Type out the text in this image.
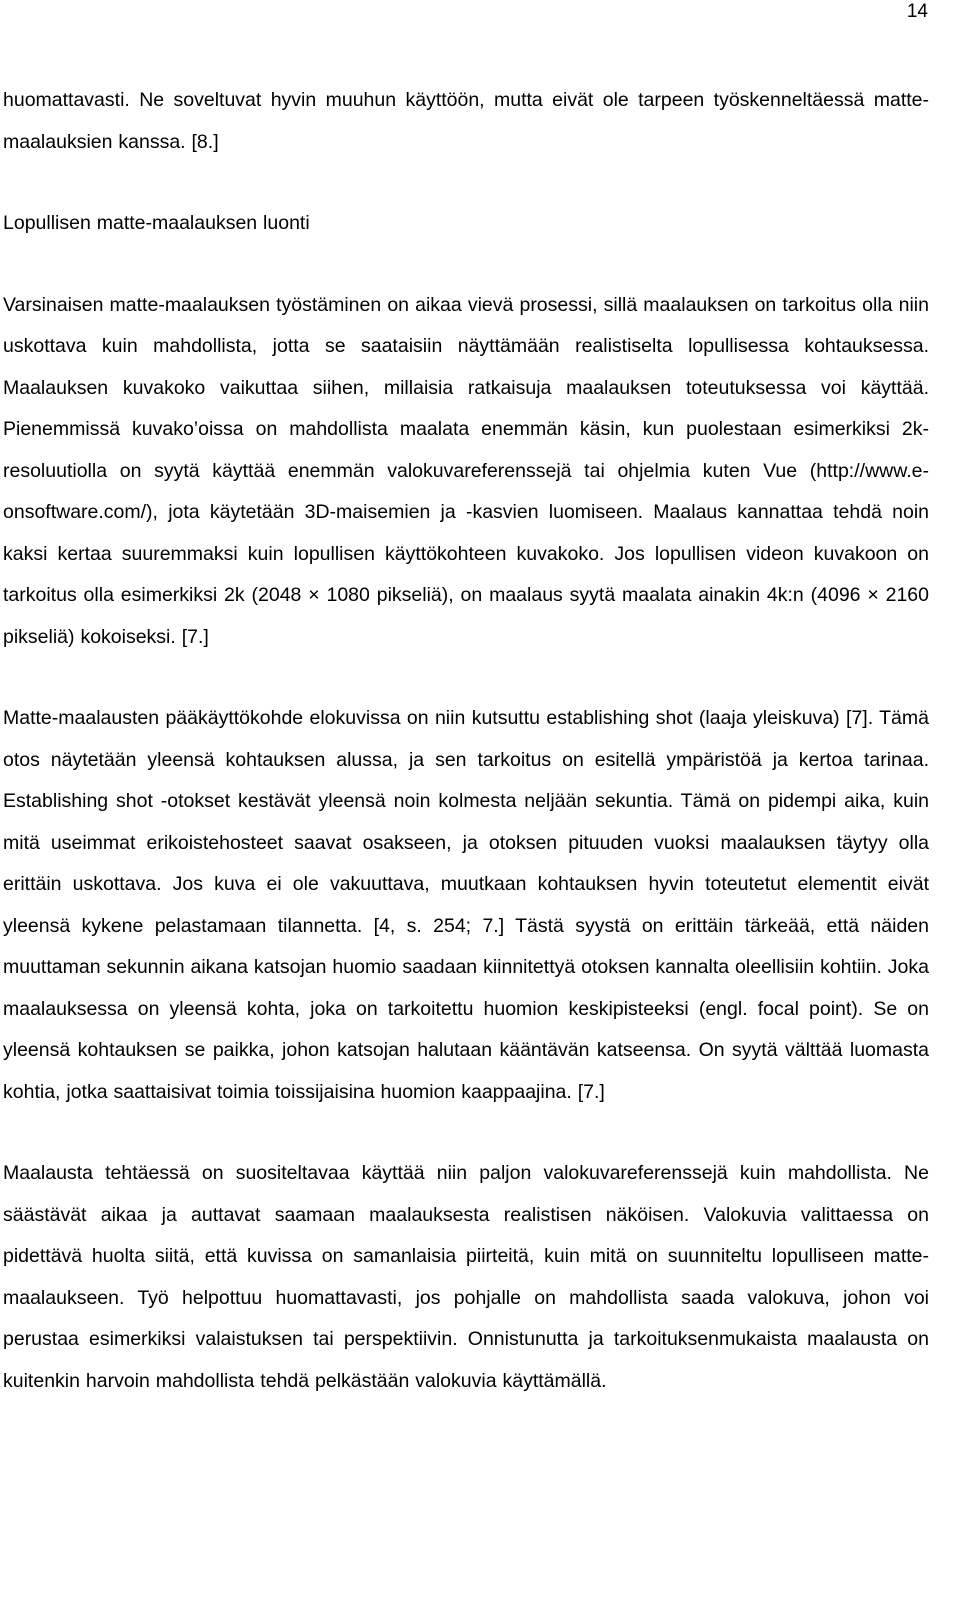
14

huomattavasti. Ne soveltuvat hyvin muuhun käyttöön, mutta eivät ole tarpeen työskenneltäessä matte-maalauksien kanssa. [8.]

Lopullisen matte-maalauksen luonti

Varsinaisen matte-maalauksen työstäminen on aikaa vievä prosessi, sillä maalauksen on tarkoitus olla niin uskottava kuin mahdollista, jotta se saataisiin näyttämään realistiselta lopullisessa kohtauksessa. Maalauksen kuvakoko vaikuttaa siihen, millaisia ratkaisuja maalauksen toteutuksessa voi käyttää. Pienemmissä kuvako’oissa on mahdollista maalata enemmän käsin, kun puolestaan esimerkiksi 2k-resoluutiolla on syytä käyttää enemmän valokuvareferenssejä tai ohjelmia kuten Vue (http://www.e-onsoftware.com/), jota käytetään 3D-maisemien ja -kasvien luomiseen. Maalaus kannattaa tehdä noin kaksi kertaa suuremmaksi kuin lopullisen käyttökohteen kuvakoko. Jos lopullisen videon kuvakoon on tarkoitus olla esimerkiksi 2k (2048 × 1080 pikseliä), on maalaus syytä maalata ainakin 4k:n (4096 × 2160 pikseliä) kokoiseksi. [7.]

Matte-maalausten pääkäyttökohde elokuvissa on niin kutsuttu establishing shot (laaja yleiskuva) [7]. Tämä otos näytetään yleensä kohtauksen alussa, ja sen tarkoitus on esitellä ympäristöä ja kertoa tarinaa. Establishing shot -otokset kestävät yleensä noin kolmesta neljään sekuntia. Tämä on pidempi aika, kuin mitä useimmat erikoistehosteet saavat osakseen, ja otoksen pituuden vuoksi maalauksen täytyy olla erittäin uskottava. Jos kuva ei ole vakuuttava, muutkaan kohtauksen hyvin toteutetut elementit eivät yleensä kykene pelastamaan tilannetta. [4, s. 254; 7.] Tästä syystä on erittäin tärkeää, että näiden muuttaman sekunnin aikana katsojan huomio saadaan kiinnitettyä otoksen kannalta oleellisiin kohtiin. Joka maalauksessa on yleensä kohta, joka on tarkoitettu huomion keskipisteeksi (engl. focal point). Se on yleensä kohtauksen se paikka, johon katsojan halutaan kääntävän katseensa. On syytä välttää luomasta kohtia, jotka saattaisivat toimia toissijaisina huomion kaappaajina. [7.]

Maalausta tehtäessä on suositeltavaa käyttää niin paljon valokuvareferenssejä kuin mahdollista. Ne säästävät aikaa ja auttavat saamaan maalauksesta realistisen näköisen. Valokuvia valittaessa on pidettävä huolta siitä, että kuvissa on samanlaisia piirteitä, kuin mitä on suunniteltu lopulliseen matte-maalaukseen. Työ helpottuu huomattavasti, jos pohjalle on mahdollista saada valokuva, johon voi perustaa esimerkiksi valaistuksen tai perspektiivin. Onnistunutta ja tarkoituksenmukaista maalausta on kuitenkin harvoin mahdollista tehdä pelkästään valokuvia käyttämällä.
